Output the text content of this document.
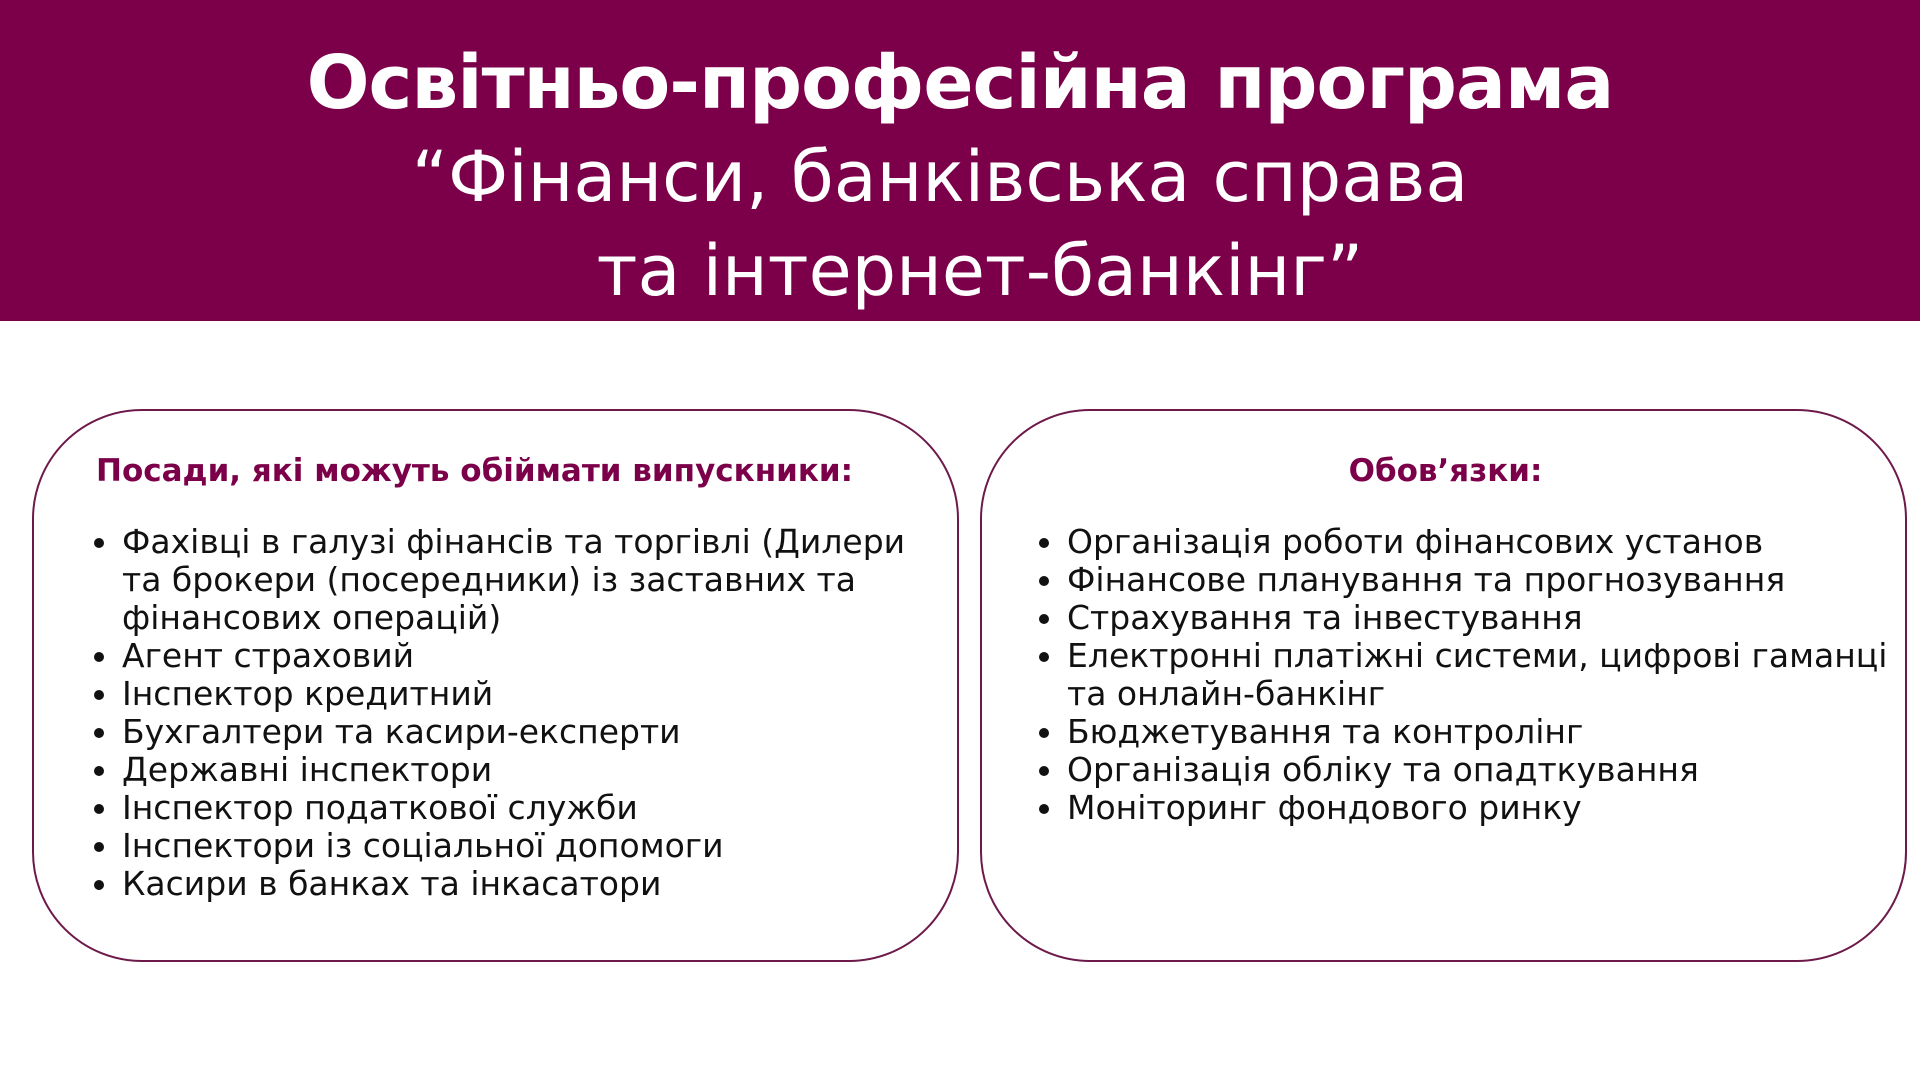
Освітньо-професійна програма
“Фінанси, банківська справа
та інтернет-банкінг”
Посади, які можуть обіймати випускники:
Фахівці в галузі фінансів та торгівлі (Дилери та брокери (посередники) із заставних та фінансових операцій)
Агент страховий
Інспектор кредитний
Бухгалтери та касири-експерти
Державні інспектори
Інспектор податкової служби
Інспектори із соціальної допомоги
Касири в банках та інкасатори
Обов’язки:
Організація роботи фінансових установ
Фінансове планування та прогнозування
Страхування та інвестування
Електронні платіжні системи, цифрові гаманці та онлайн-банкінг
Бюджетування та контролінг
Організація обліку та опадткування
Моніторинг фондового ринку
